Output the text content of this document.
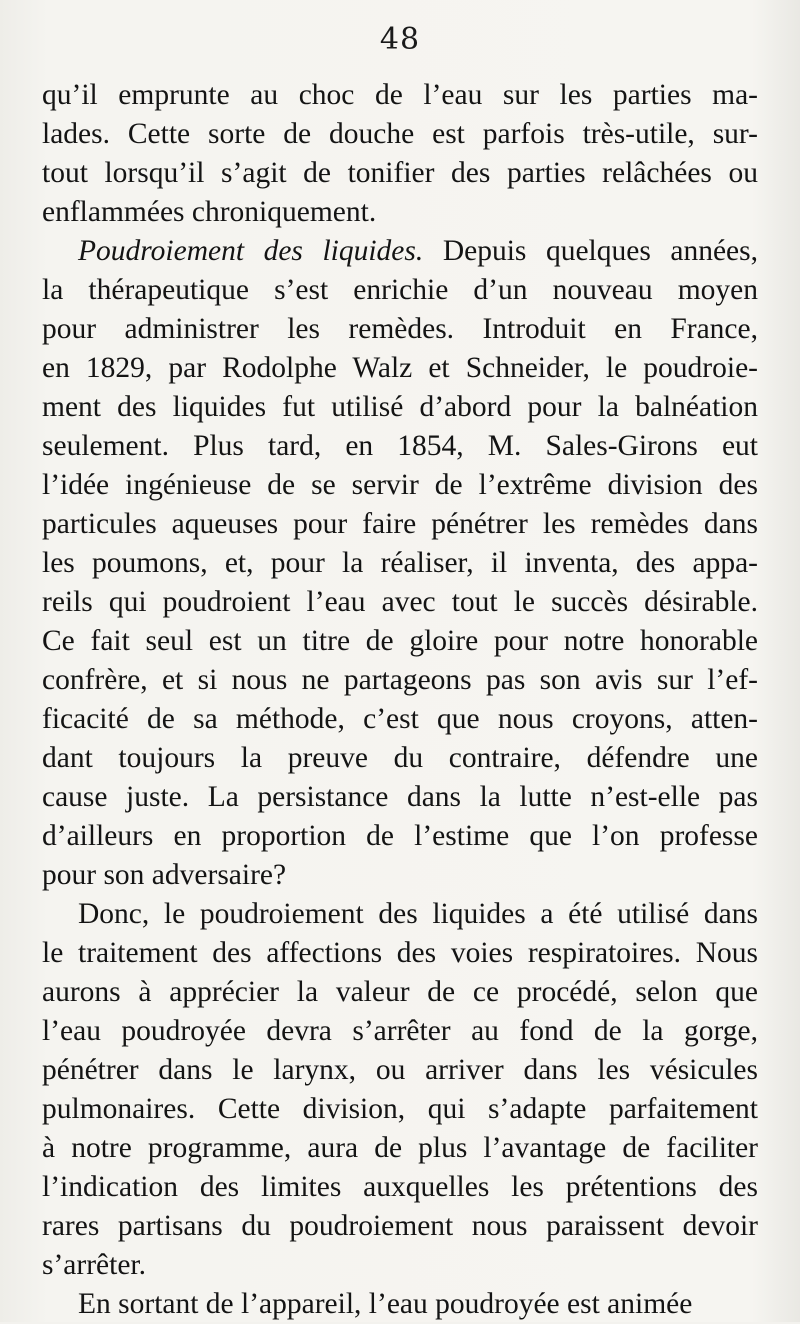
48
qu’il emprunte au choc de l’eau sur les parties ma-
lades. Cette sorte de douche est parfois très-utile, sur-
tout lorsqu’il s’agit de tonifier des parties relâchées ou
enflammées chroniquement.
Poudroiement des liquides. Depuis quelques années,
la thérapeutique s’est enrichie d’un nouveau moyen
pour administrer les remèdes. Introduit en France,
en 1829, par Rodolphe Walz et Schneider, le poudroie-
ment des liquides fut utilisé d’abord pour la balnéation
seulement. Plus tard, en 1854, M. Sales-Girons eut
l’idée ingénieuse de se servir de l’extrême division des
particules aqueuses pour faire pénétrer les remèdes dans
les poumons, et, pour la réaliser, il inventa, des appa-
reils qui poudroient l’eau avec tout le succès désirable.
Ce fait seul est un titre de gloire pour notre honorable
confrère, et si nous ne partageons pas son avis sur l’ef-
ficacité de sa méthode, c’est que nous croyons, atten-
dant toujours la preuve du contraire, défendre une
cause juste. La persistance dans la lutte n’est-elle pas
d’ailleurs en proportion de l’estime que l’on professe
pour son adversaire?
Donc, le poudroiement des liquides a été utilisé dans
le traitement des affections des voies respiratoires. Nous
aurons à apprécier la valeur de ce procédé, selon que
l’eau poudroyée devra s’arrêter au fond de la gorge,
pénétrer dans le larynx, ou arriver dans les vésicules
pulmonaires. Cette division, qui s’adapte parfaitement
à notre programme, aura de plus l’avantage de faciliter
l’indication des limites auxquelles les prétentions des
rares partisans du poudroiement nous paraissent devoir
s’arrêter.
En sortant de l’appareil, l’eau poudroyée est animée
